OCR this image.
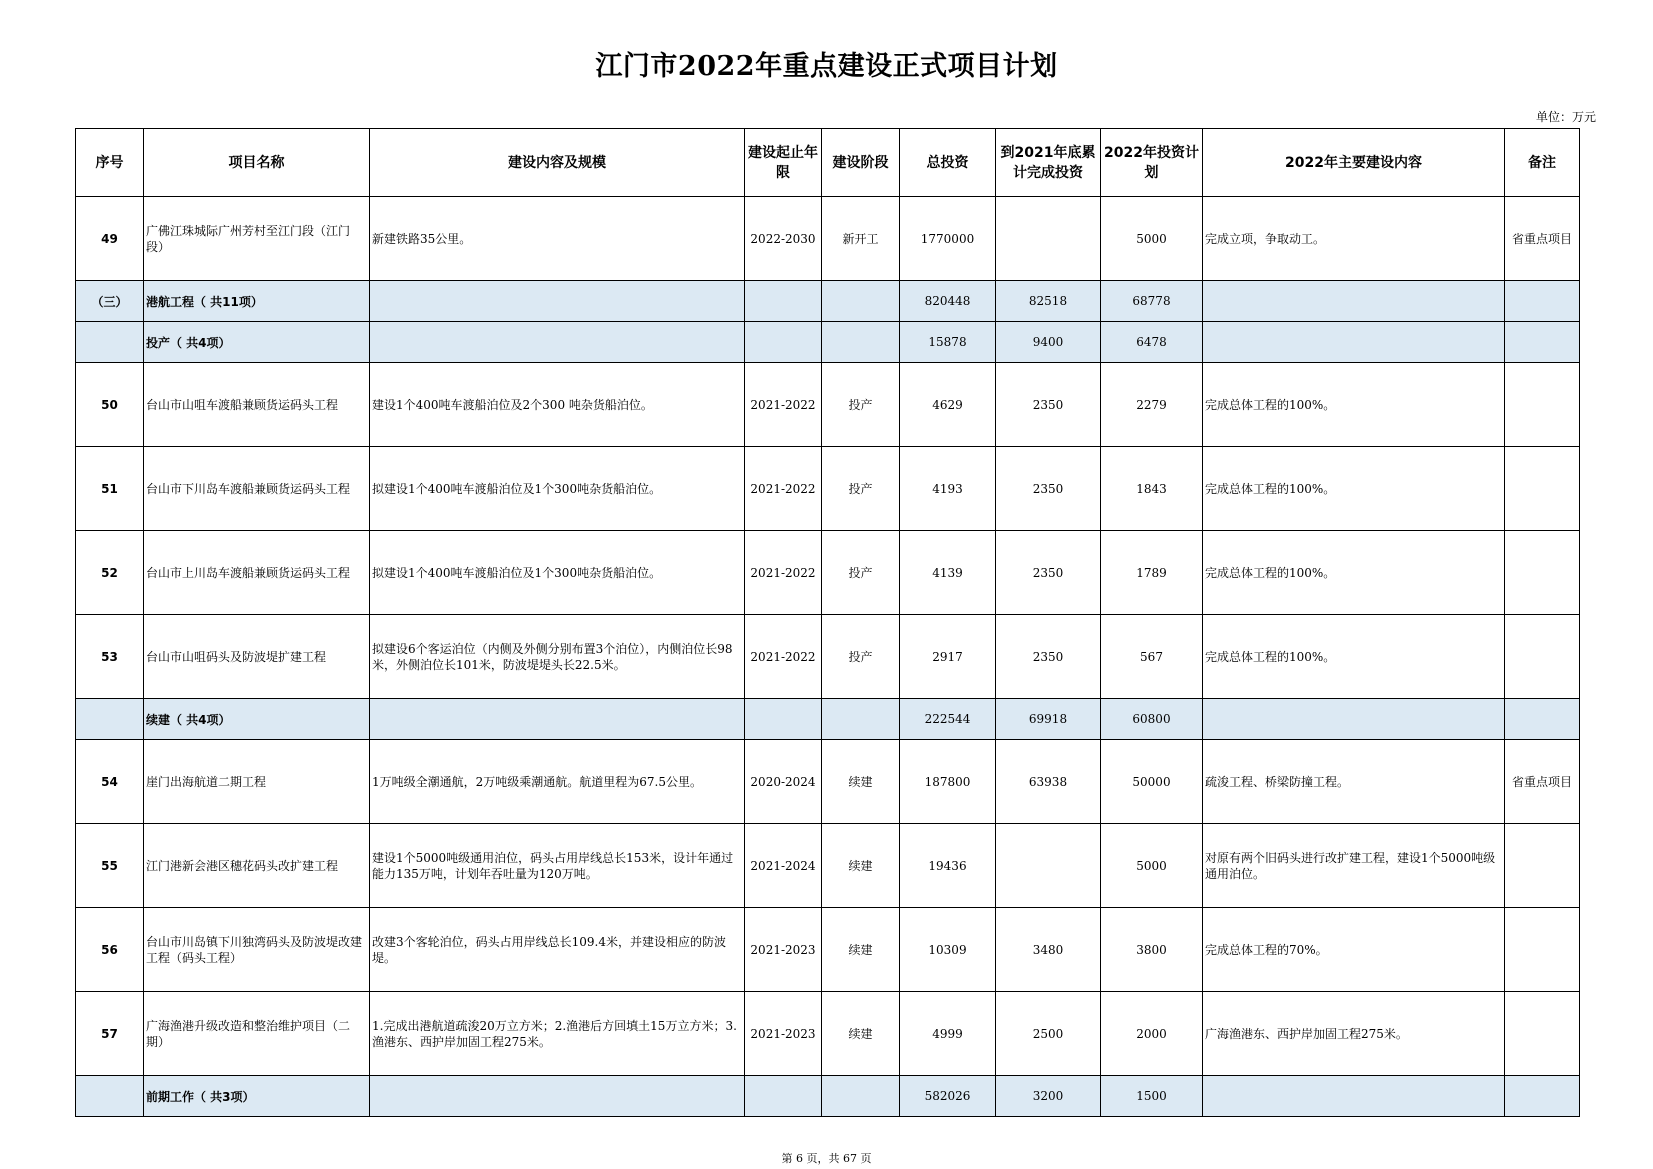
江门市2022年重点建设正式项目计划
单位：万元
序号	项目名称	建设内容及规模	建设起止年限	建设阶段	总投资	到2021年底累计完成投资	2022年投资计划	2022年主要建设内容	备注
49	广佛江珠城际广州芳村至江门段（江门段）	新建铁路35公里。	2022-2030	新开工	1770000		5000	完成立项，争取动工。	省重点项目
（三）	港航工程（ 共11项）				820448	82518	68778		
	投产（ 共4项）				15878	9400	6478		
50	台山市山咀车渡船兼顾货运码头工程	建设1个400吨车渡船泊位及2个300 吨杂货船泊位。	2021-2022	投产	4629	2350	2279	完成总体工程的100%。	
51	台山市下川岛车渡船兼顾货运码头工程	拟建设1个400吨车渡船泊位及1个300吨杂货船泊位。	2021-2022	投产	4193	2350	1843	完成总体工程的100%。	
52	台山市上川岛车渡船兼顾货运码头工程	拟建设1个400吨车渡船泊位及1个300吨杂货船泊位。	2021-2022	投产	4139	2350	1789	完成总体工程的100%。	
53	台山市山咀码头及防波堤扩建工程	拟建设6个客运泊位（内侧及外侧分别布置3个泊位），内侧泊位长98米，外侧泊位长101米，防波堤堤头长22.5米。	2021-2022	投产	2917	2350	567	完成总体工程的100%。	
	续建（ 共4项）				222544	69918	60800		
54	崖门出海航道二期工程	1万吨级全潮通航，2万吨级乘潮通航。航道里程为67.5公里。	2020-2024	续建	187800	63938	50000	疏浚工程、桥梁防撞工程。	省重点项目
55	江门港新会港区穗花码头改扩建工程	建设1个5000吨级通用泊位，码头占用岸线总长153米，设计年通过能力135万吨，计划年吞吐量为120万吨。	2021-2024	续建	19436		5000	对原有两个旧码头进行改扩建工程，建设1个5000吨级通用泊位。	
56	台山市川岛镇下川独湾码头及防波堤改建工程（码头工程）	改建3个客轮泊位，码头占用岸线总长109.4米，并建设相应的防波堤。	2021-2023	续建	10309	3480	3800	完成总体工程的70%。	
57	广海渔港升级改造和整治维护项目（二期）	1.完成出港航道疏浚20万立方米；2.渔港后方回填土15万立方米；3.渔港东、西护岸加固工程275米。	2021-2023	续建	4999	2500	2000	广海渔港东、西护岸加固工程275米。	
	前期工作（ 共3项）				582026	3200	1500		
第 6 页，共 67 页
